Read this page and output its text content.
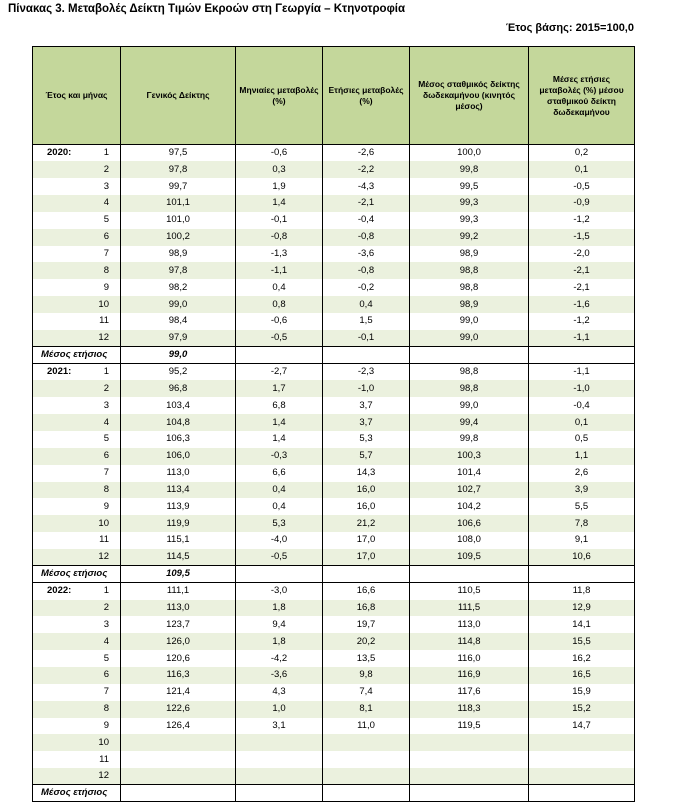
Πίνακας 3. Μεταβολές Δείκτη Τιμών Εκροών στη Γεωργία – Κτηνοτροφία
Έτος βάσης: 2015=100,0
Έτος και μήνας	Γενικός Δείκτης	Μηνιαίες μεταβολές (%)	Ετήσιες μεταβολές (%)	Μέσος σταθμικός δείκτης δωδεκαμήνου (κινητός μέσος)	Μέσες ετήσιες μεταβολές (%) μέσου σταθμικού δείκτη δωδεκαμήνου
2020: 1	97,5	-0,6	-2,6	100,0	0,2
2	97,8	0,3	-2,2	99,8	0,1
3	99,7	1,9	-4,3	99,5	-0,5
4	101,1	1,4	-2,1	99,3	-0,9
5	101,0	-0,1	-0,4	99,3	-1,2
6	100,2	-0,8	-0,8	99,2	-1,5
7	98,9	-1,3	-3,6	98,9	-2,0
8	97,8	-1,1	-0,8	98,8	-2,1
9	98,2	0,4	-0,2	98,8	-2,1
10	99,0	0,8	0,4	98,9	-1,6
11	98,4	-0,6	1,5	99,0	-1,2
12	97,9	-0,5	-0,1	99,0	-1,1
Μέσος ετήσιος	99,0				
2021: 1	95,2	-2,7	-2,3	98,8	-1,1
2	96,8	1,7	-1,0	98,8	-1,0
3	103,4	6,8	3,7	99,0	-0,4
4	104,8	1,4	3,7	99,4	0,1
5	106,3	1,4	5,3	99,8	0,5
6	106,0	-0,3	5,7	100,3	1,1
7	113,0	6,6	14,3	101,4	2,6
8	113,4	0,4	16,0	102,7	3,9
9	113,9	0,4	16,0	104,2	5,5
10	119,9	5,3	21,2	106,6	7,8
11	115,1	-4,0	17,0	108,0	9,1
12	114,5	-0,5	17,0	109,5	10,6
Μέσος ετήσιος	109,5				
2022: 1	111,1	-3,0	16,6	110,5	11,8
2	113,0	1,8	16,8	111,5	12,9
3	123,7	9,4	19,7	113,0	14,1
4	126,0	1,8	20,2	114,8	15,5
5	120,6	-4,2	13,5	116,0	16,2
6	116,3	-3,6	9,8	116,9	16,5
7	121,4	4,3	7,4	117,6	15,9
8	122,6	1,0	8,1	118,3	15,2
9	126,4	3,1	11,0	119,5	14,7
10					
11					
12					
Μέσος ετήσιος					
